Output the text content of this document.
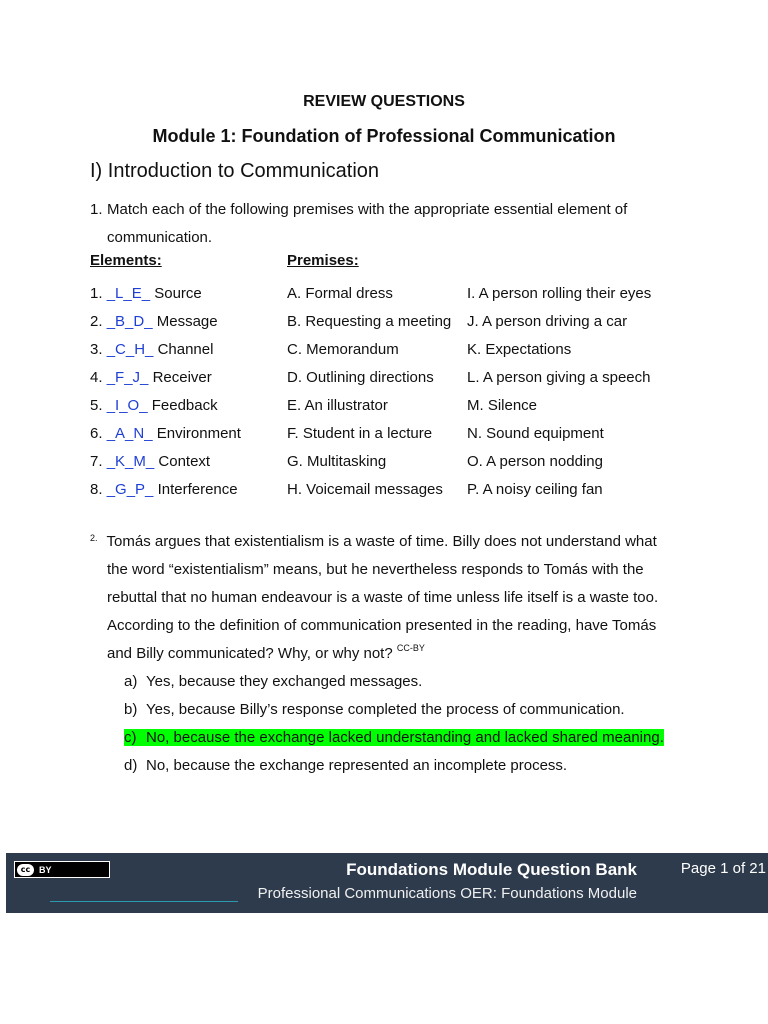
REVIEW QUESTIONS
Module 1: Foundation of Professional Communication
I) Introduction to Communication
1. Match each of the following premises with the appropriate essential element of
communication.
Elements:	Premises:
1. _L_E_ Source
2. _B_D_ Message
3. _C_H_ Channel
4. _F_J_ Receiver
5. _I_O_ Feedback
6. _A_N_ Environment
7. _K_M_ Context
8. _G_P_ Interference
A. Formal dress
B. Requesting a meeting
C. Memorandum
D. Outlining directions
E. An illustrator
F. Student in a lecture
G. Multitasking
H. Voicemail messages
I. A person rolling their eyes
J. A person driving a car
K. Expectations
L. A person giving a speech
M. Silence
N. Sound equipment
O. A person nodding
P. A noisy ceiling fan
$^{2.}$ Tomás argues that existentialism is a waste of time. Billy does not understand what
the word “existentialism” means, but he nevertheless responds to Tomás with the
rebuttal that no human endeavour is a waste of time unless life itself is a waste too.
According to the definition of communication presented in the reading, have Tomás
and Billy communicated? Why, or why not? $^{CC-BY}$
a) Yes, because they exchanged messages.
b) Yes, because Billy’s response completed the process of communication.
c) No, because the exchange lacked understanding and lacked shared meaning.
d) No, because the exchange represented an incomplete process.
cc BY	Foundations Module Question Bank
Professional Communications OER: Foundations Module
Page 1 of 21
